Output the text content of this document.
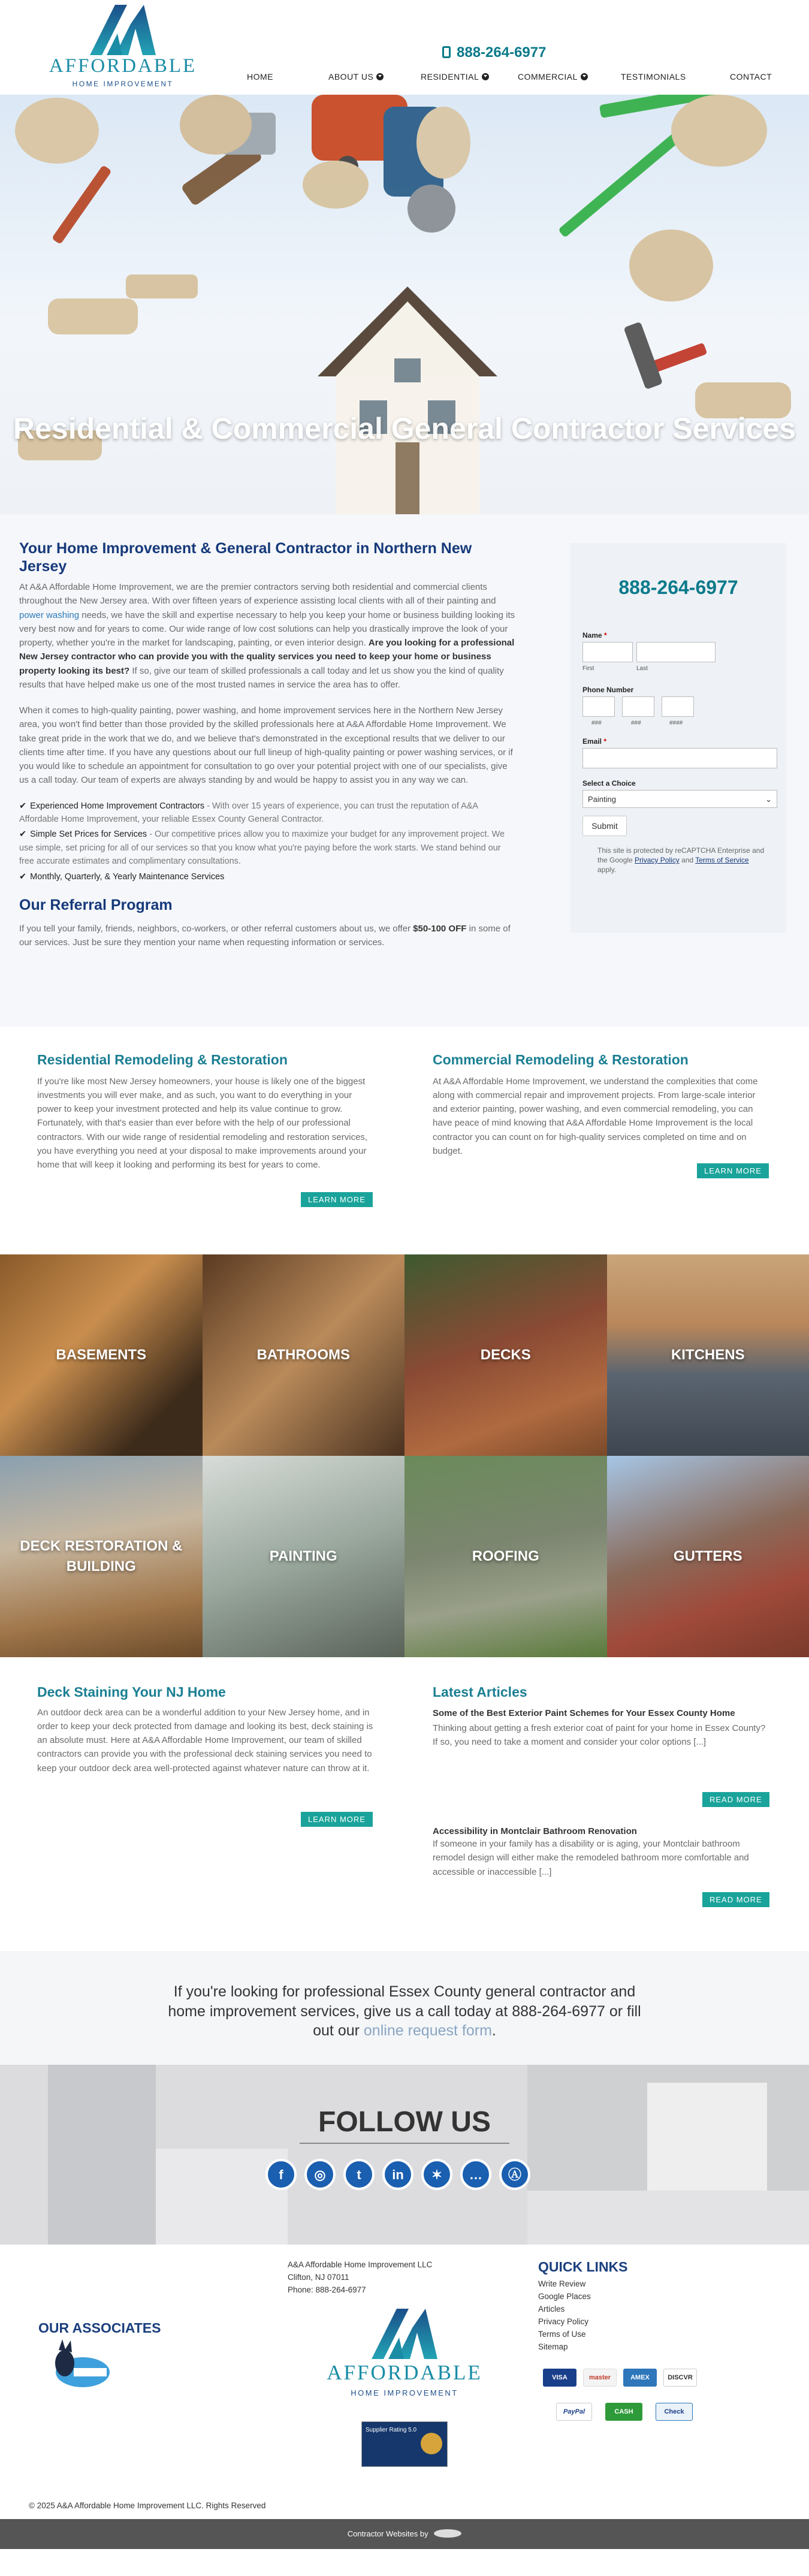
AFFORDABLE
HOME IMPROVEMENT
888-264-6977
HOME	ABOUT US	RESIDENTIAL	COMMERCIAL	TESTIMONIALS	CONTACT
Residential & Commercial General Contractor Services
Your Home Improvement & General Contractor in Northern New Jersey

At A&A Affordable Home Improvement, we are the premier contractors serving both residential and commercial clients throughout the New Jersey area. With over fifteen years of experience assisting local clients with all of their painting and power washing needs, we have the skill and expertise necessary to help you keep your home or business building looking its very best now and for years to come. Our wide range of low cost solutions can help you drastically improve the look of your property, whether you're in the market for landscaping, painting, or even interior design. Are you looking for a professional New Jersey contractor who can provide you with the quality services you need to keep your home or business property looking its best? If so, give our team of skilled professionals a call today and let us show you the kind of quality results that have helped make us one of the most trusted names in service the area has to offer.

When it comes to high-quality painting, power washing, and home improvement services here in the Northern New Jersey area, you won't find better than those provided by the skilled professionals here at A&A Affordable Home Improvement. We take great pride in the work that we do, and we believe that's demonstrated in the exceptional results that we deliver to our clients time after time. If you have any questions about our full lineup of high-quality painting or power washing services, or if you would like to schedule an appointment for consultation to go over your potential project with one of our specialists, give us a call today. Our team of experts are always standing by and would be happy to assist you in any way we can.

✔ Experienced Home Improvement Contractors - With over 15 years of experience, you can trust the reputation of A&A Affordable Home Improvement, your reliable Essex County General Contractor.
✔ Simple Set Prices for Services - Our competitive prices allow you to maximize your budget for any improvement project. We use simple, set pricing for all of our services so that you know what you're paying before the work starts. We stand behind our free accurate estimates and complimentary consultations.
✔ Monthly, Quarterly, & Yearly Maintenance Services
Our Referral Program

If you tell your family, friends, neighbors, co-workers, or other referral customers about us, we offer $50-100 OFF in some of our services. Just be sure they mention your name when requesting information or services.

888-264-6977
Name *
First	Last
Phone Number
###	###	####
Email *
Select a Choice
Painting	⌄
Submit
This site is protected by reCAPTCHA Enterprise and the Google Privacy Policy and Terms of Service apply.
Residential Remodeling & Restoration

If you're like most New Jersey homeowners, your house is likely one of the biggest investments you will ever make, and as such, you want to do everything in your power to keep your investment protected and help its value continue to grow. Fortunately, with that's easier than ever before with the help of our professional contractors. With our wide range of residential remodeling and restoration services, you have everything you need at your disposal to make improvements around your home that will keep it looking and performing its best for years to come.

LEARN MORE
Commercial Remodeling & Restoration

At A&A Affordable Home Improvement, we understand the complexities that come along with commercial repair and improvement projects. From large-scale interior and exterior painting, power washing, and even commercial remodeling, you can have peace of mind knowing that A&A Affordable Home Improvement is the local contractor you can count on for high-quality services completed on time and on budget.

LEARN MORE
BASEMENTS	BATHROOMS	DECKS	KITCHENS
DECK RESTORATION & BUILDING
PAINTING	ROOFING	GUTTERS
Deck Staining Your NJ Home

An outdoor deck area can be a wonderful addition to your New Jersey home, and in order to keep your deck protected from damage and looking its best, deck staining is an absolute must. Here at A&A Affordable Home Improvement, our team of skilled contractors can provide you with the professional deck staining services you need to keep your outdoor deck area well-protected against whatever nature can throw at it.

LEARN MORE
Latest Articles
Some of the Best Exterior Paint Schemes for Your Essex County Home

Thinking about getting a fresh exterior coat of paint for your home in Essex County? If so, you need to take a moment and consider your color options [...]

READ MORE
Accessibility in Montclair Bathroom Renovation

If someone in your family has a disability or is aging, your Montclair bathroom remodel design will either make the remodeled bathroom more comfortable and accessible or inaccessible [...]

READ MORE
If you're looking for professional Essex County general contractor and home improvement services, give us a call today at 888-264-6977 or fill out our online request form.
FOLLOW US
f	◎	t	in	✶	…	Ⓐ
OUR ASSOCIATES
A&A Affordable Home Improvement LLC
Clifton, NJ 07011
Phone: 888-264-6977
AFFORDABLE
HOME IMPROVEMENT
Supplier Rating 5.0
QUICK LINKS
Write Review
Google Places
Articles
Privacy Policy
Terms of Use
Sitemap
VISA	master	AMEX	DISCVR
PayPal	CASH	Check
© 2025 A&A Affordable Home Improvement LLC. Rights Reserved
Contractor Websites by
